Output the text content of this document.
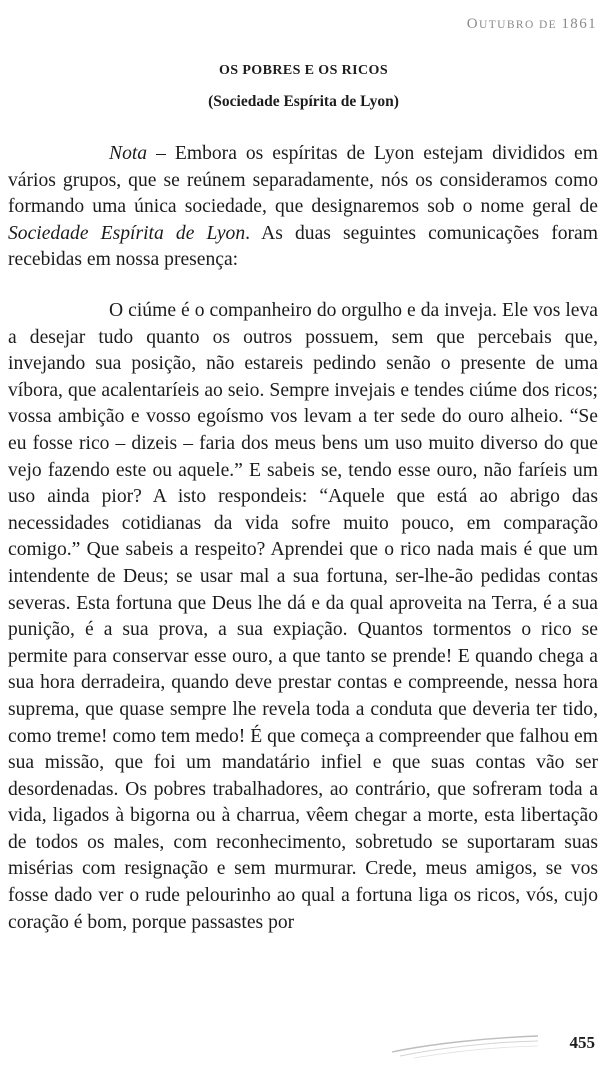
OUTUBRO DE 1861
OS POBRES E OS RICOS
(Sociedade Espírita de Lyon)

Nota – Embora os espíritas de Lyon estejam divididos em vários grupos, que se reúnem separadamente, nós os consideramos como formando uma única sociedade, que designaremos sob o nome geral de Sociedade Espírita de Lyon. As duas seguintes comunicações foram recebidas em nossa presença:

O ciúme é o companheiro do orgulho e da inveja. Ele vos leva a desejar tudo quanto os outros possuem, sem que percebais que, invejando sua posição, não estareis pedindo senão o presente de uma víbora, que acalentaríeis ao seio. Sempre invejais e tendes ciúme dos ricos; vossa ambição e vosso egoísmo vos levam a ter sede do ouro alheio. “Se eu fosse rico – dizeis – faria dos meus bens um uso muito diverso do que vejo fazendo este ou aquele.” E sabeis se, tendo esse ouro, não faríeis um uso ainda pior? A isto respondeis: “Aquele que está ao abrigo das necessidades cotidianas da vida sofre muito pouco, em comparação comigo.” Que sabeis a respeito? Aprendei que o rico nada mais é que um intendente de Deus; se usar mal a sua fortuna, ser-lhe-ão pedidas contas severas. Esta fortuna que Deus lhe dá e da qual aproveita na Terra, é a sua punição, é a sua prova, a sua expiação. Quantos tormentos o rico se permite para conservar esse ouro, a que tanto se prende! E quando chega a sua hora derradeira, quando deve prestar contas e compreende, nessa hora suprema, que quase sempre lhe revela toda a conduta que deveria ter tido, como treme! como tem medo! É que começa a compreender que falhou em sua missão, que foi um mandatário infiel e que suas contas vão ser desordenadas. Os pobres trabalhadores, ao contrário, que sofreram toda a vida, ligados à bigorna ou à charrua, vêem chegar a morte, esta libertação de todos os males, com reconhecimento, sobretudo se suportaram suas misérias com resignação e sem murmurar. Crede, meus amigos, se vos fosse dado ver o rude pelourinho ao qual a fortuna liga os ricos, vós, cujo coração é bom, porque passastes por

455
